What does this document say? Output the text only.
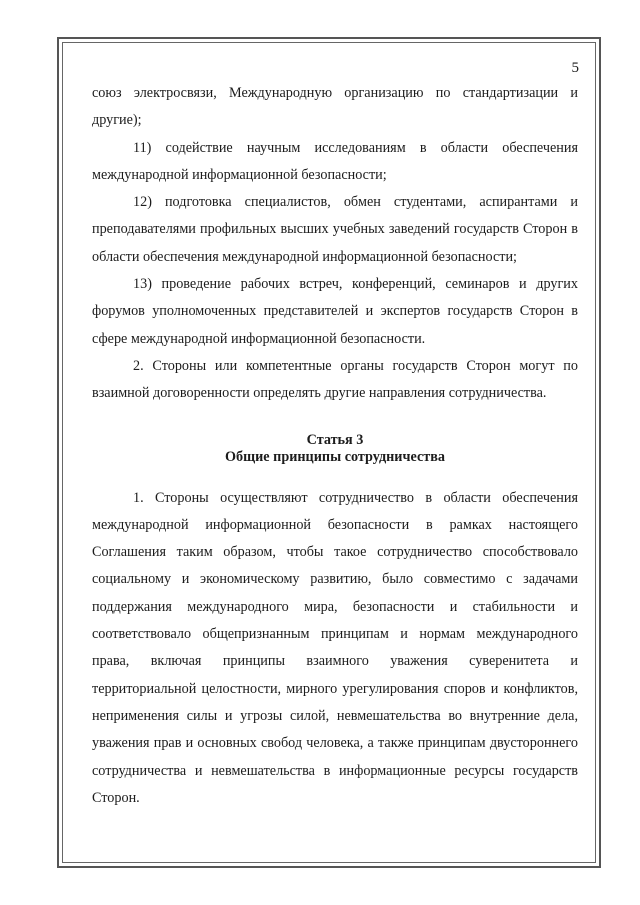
5

союз электросвязи, Международную организацию по стандартизации и другие);

11) содействие научным исследованиям в области обеспечения международной информационной безопасности;

12) подготовка специалистов, обмен студентами, аспирантами и преподавателями профильных высших учебных заведений государств Сторон в области обеспечения международной информационной безопасности;

13) проведение рабочих встреч, конференций, семинаров и других форумов уполномоченных представителей и экспертов государств Сторон в сфере международной информационной безопасности.

2. Стороны или компетентные органы государств Сторон могут по взаимной договоренности определять другие направления сотрудничества.

Статья 3
Общие принципы сотрудничества

1. Стороны осуществляют сотрудничество в области обеспечения международной информационной безопасности в рамках настоящего Соглашения таким образом, чтобы такое сотрудничество способствовало социальному и экономическому развитию, было совместимо с задачами поддержания международного мира, безопасности и стабильности и соответствовало общепризнанным принципам и нормам международного права, включая принципы взаимного уважения суверенитета и территориальной целостности, мирного урегулирования споров и конфликтов, неприменения силы и угрозы силой, невмешательства во внутренние дела, уважения прав и основных свобод человека, а также принципам двустороннего сотрудничества и невмешательства в информационные ресурсы государств Сторон.
